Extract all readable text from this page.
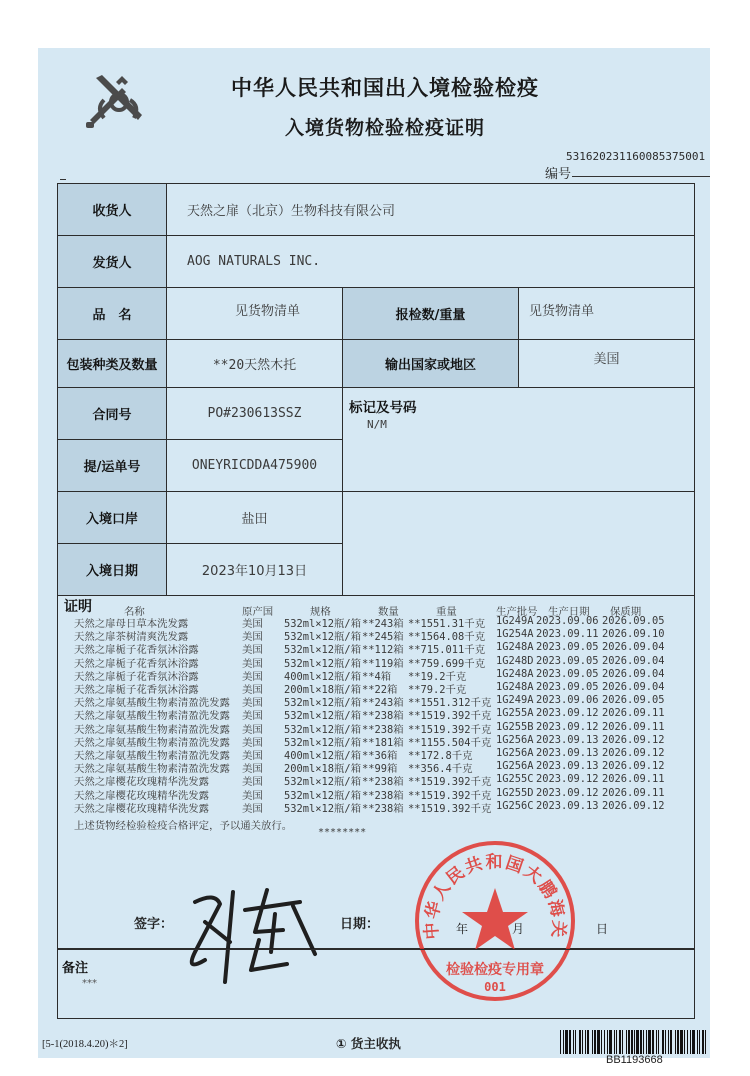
中华人民共和国出入境检验检疫
入境货物检验检疫证明
531620231160085375001
编号
收货人	天然之扉（北京）生物科技有限公司		
发货人	AOG NATURALS INC.		
品　名	见货物清单	报检数/重量	见货物清单
包装种类及数量	**20天然木托	输出国家或地区	美国
合同号	PO#230613SSZ	标记及号码
N/M	

提/运单号	ONEYRICDDA475900		
入境口岸	盐田		
入境日期	2023年10月13日		
证明	名称	原产国	规格	数量	重量	生产批号 生产日期 保质期
天然之扉母日草本洗发露	美国 532ml×12瓶/箱 **243箱 **1551.31千克 1G249A 2023.09.06 2026.09.05
天然之扉茶树清爽洗发露	美国 532ml×12瓶/箱 **245箱 **1564.08千克 1G254A 2023.09.11 2026.09.10
天然之扉栀子花香氛沐浴露	美国 532ml×12瓶/箱 **112箱 **715.011千克 1G248A 2023.09.05 2026.09.04
天然之扉栀子花香氛沐浴露	美国 532ml×12瓶/箱 **119箱 **759.699千克 1G248D 2023.09.05 2026.09.04
天然之扉栀子花香氛沐浴露	美国 400ml×12瓶/箱 **4箱 **19.2千克	1G248A 2023.09.05 2026.09.04
天然之扉栀子花香氛沐浴露	美国 200ml×18瓶/箱 **22箱 **79.2千克	1G248A 2023.09.05 2026.09.04
天然之扉氨基酸生物素清盈洗发露 美国 532ml×12瓶/箱 **243箱 **1551.312千克 1G249A 2023.09.06 2026.09.05
天然之扉氨基酸生物素清盈洗发露 美国 532ml×12瓶/箱 **238箱 **1519.392千克 1G255A 2023.09.12 2026.09.11
天然之扉氨基酸生物素清盈洗发露 美国 532ml×12瓶/箱 **238箱 **1519.392千克 1G255B 2023.09.12 2026.09.11
天然之扉氨基酸生物素清盈洗发露 美国 532ml×12瓶/箱 **181箱 **1155.504千克 1G256A 2023.09.13 2026.09.12
天然之扉氨基酸生物素清盈洗发露 美国 400ml×12瓶/箱 **36箱 **172.8千克 1G256A 2023.09.13 2026.09.12
天然之扉氨基酸生物素清盈洗发露 美国 200ml×18瓶/箱 **99箱 **356.4千克 1G256A 2023.09.13 2026.09.12
天然之扉樱花玫瑰精华洗发露	美国 532ml×12瓶/箱 **238箱 **1519.392千克 1G255C 2023.09.12 2026.09.11
天然之扉樱花玫瑰精华洗发露	美国 532ml×12瓶/箱 **238箱 **1519.392千克 1G255D 2023.09.12 2026.09.11
天然之扉樱花玫瑰精华洗发露	美国 532ml×12瓶/箱 **238箱 **1519.392千克 1G256C 2023.09.13 2026.09.12
上述货物经检验检疫合格评定，予以通关放行。
********
签字：	日期：	年	月	日
中华人民共和国大鹏海关
检验检疫专用章
001
备注
***
[5-1(2018.4.20)＊2]	① 货主收执
BB1193668
